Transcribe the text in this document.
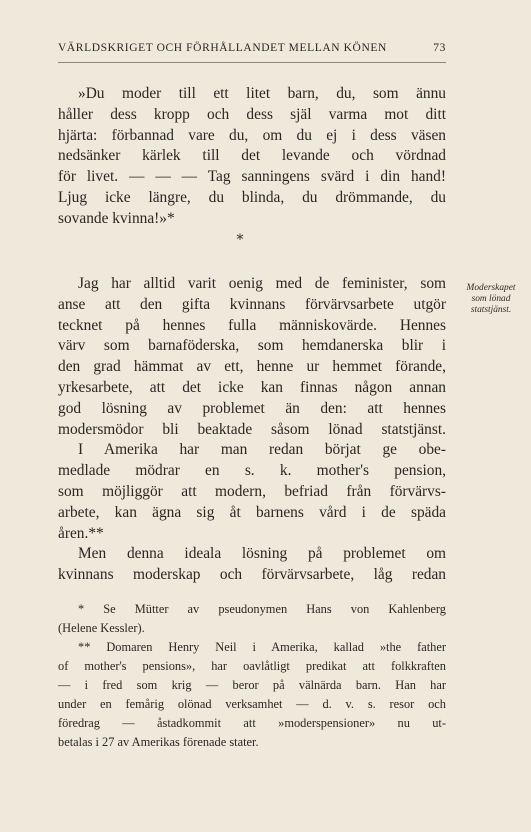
VÄRLDSKRIGET OCH FÖRHÅLLANDET MELLAN KÖNEN	73

»Du moder till ett litet barn, du, som ännu

håller dess kropp och dess själ varma mot ditt

hjärta: förbannad vare du, om du ej i dess väsen

nedsänker kärlek till det levande och vördnad

för livet. — — — Tag sanningens svärd i din hand!

Ljug icke längre, du blinda, du drömmande, du

sovande kvinna!»*

*
Moderskapet
som lönad
statstjänst.

Jag har alltid varit oenig med de feminister, som

anse att den gifta kvinnans förvärvsarbete utgör

tecknet på hennes fulla människovärde. Hennes

värv som barnaföderska, som hemdanerska blir i

den grad hämmat av ett, henne ur hemmet förande,

yrkesarbete, att det icke kan finnas någon annan

god lösning av problemet än den: att hennes

modersmödor bli beaktade såsom lönad statstjänst.

I Amerika har man redan börjat ge obe-

medlade mödrar en s. k. mother's pension,

som möjliggör att modern, befriad från förvärvs-

arbete, kan ägna sig åt barnens vård i de späda

åren.**

Men denna ideala lösning på problemet om

kvinnans moderskap och förvärvsarbete, låg redan

* Se Mütter av pseudonymen Hans von Kahlenberg

(Helene Kessler).

** Domaren Henry Neil i Amerika, kallad »the father

of mother's pensions», har oavlåtligt predikat att folkkraften

— i fred som krig — beror på välnärda barn. Han har

under en femårig olönad verksamhet — d. v. s. resor och

föredrag — åstadkommit att »moderspensioner» nu ut-

betalas i 27 av Amerikas förenade stater.
